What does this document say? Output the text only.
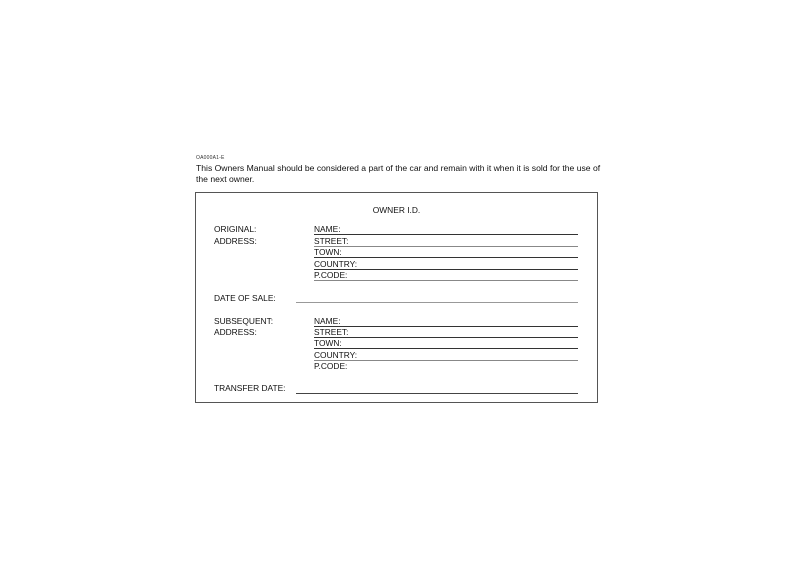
OA000A1-E
This Owners Manual should be considered a part of the car and remain with it when it is sold for the use of the next owner.
OWNER I.D.
ORIGINAL:
ADDRESS:
NAME:
STREET:
TOWN:
COUNTRY:
P.CODE:
DATE OF SALE:
SUBSEQUENT:
ADDRESS:
NAME:
STREET:
TOWN:
COUNTRY:
P.CODE:
TRANSFER DATE:
